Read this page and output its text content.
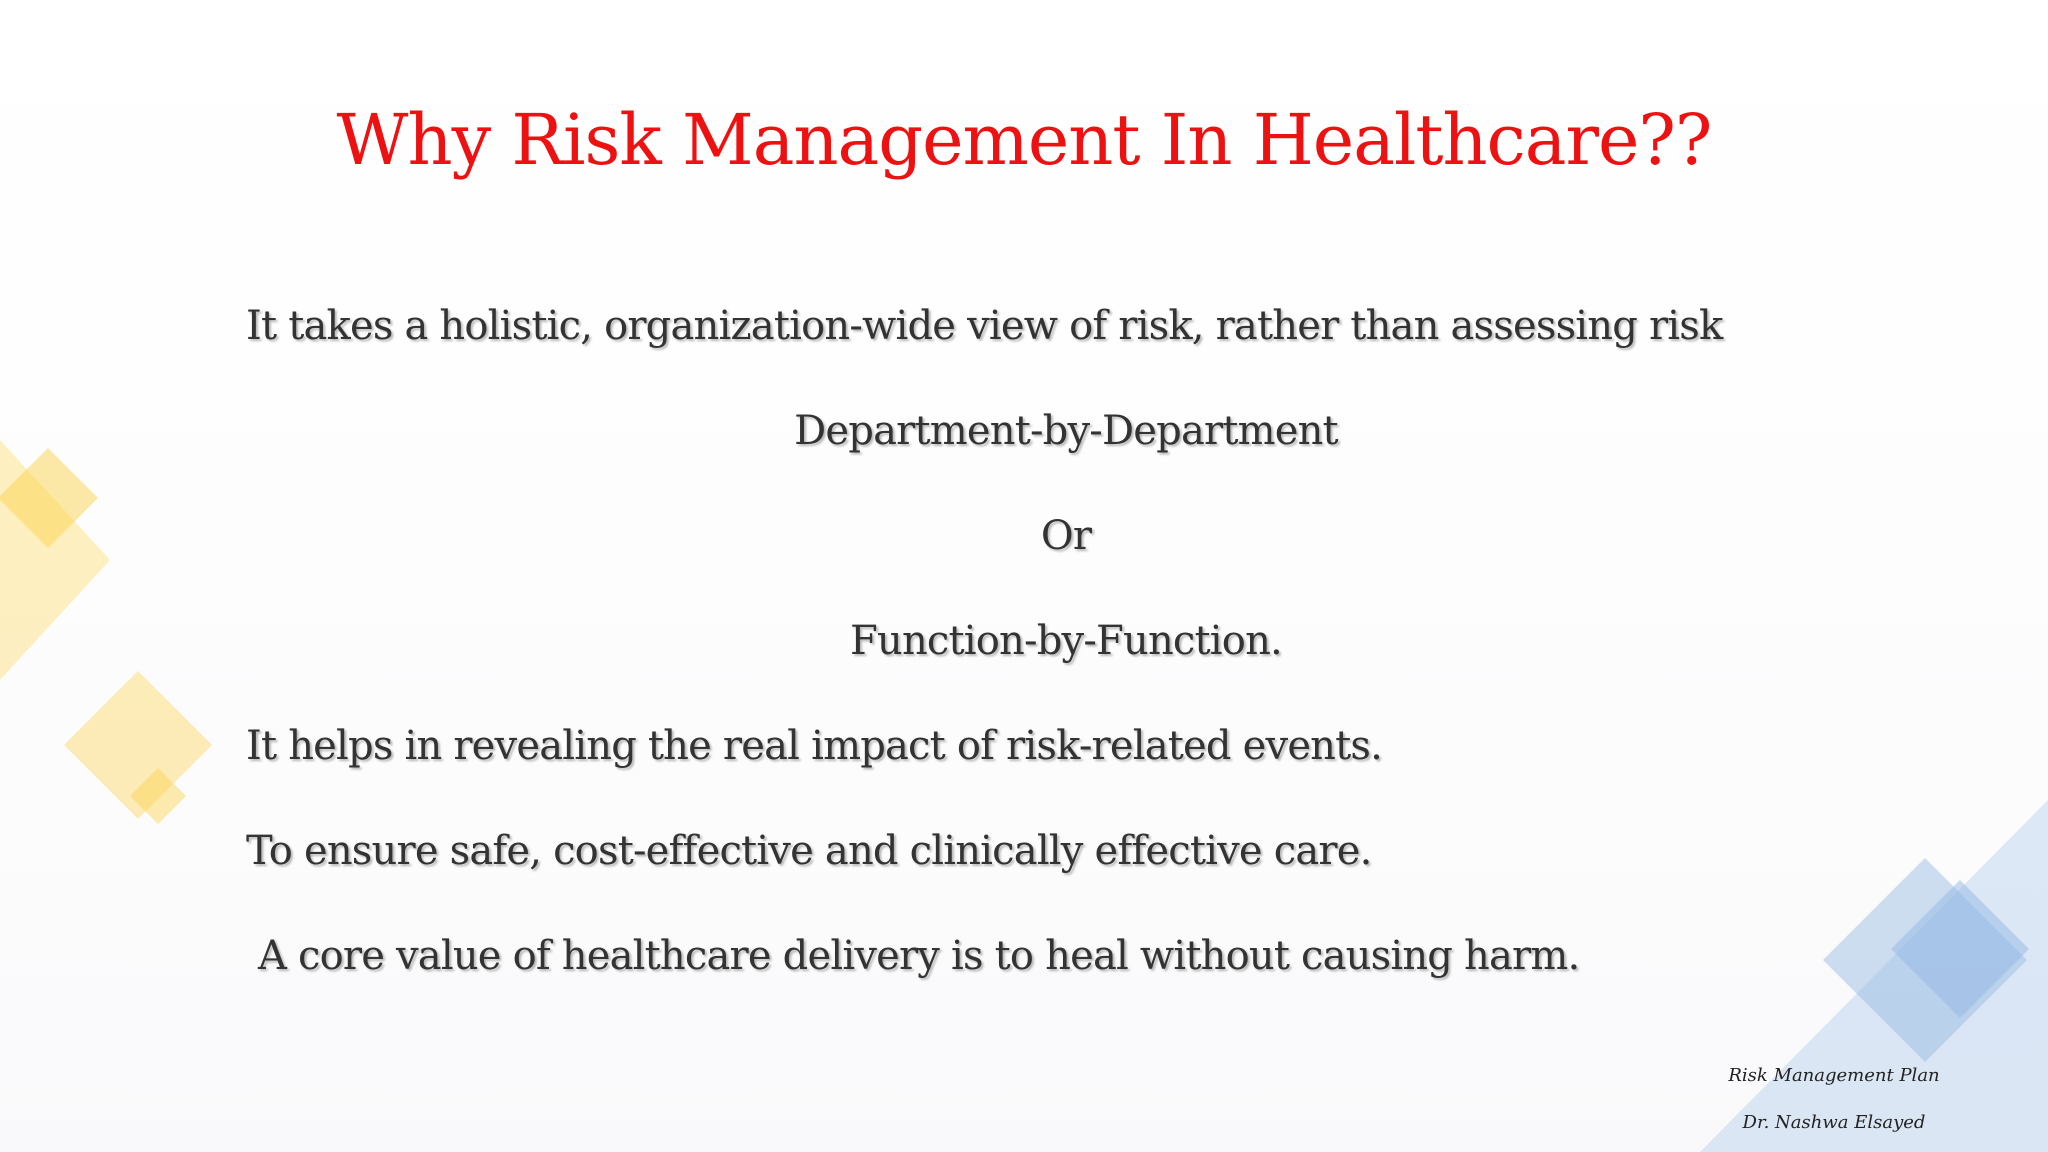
Why Risk Management In Healthcare??
It takes a holistic, organization-wide view of risk, rather than assessing risk
Department-by-Department
Or
Function-by-Function.
It helps in revealing the real impact of risk-related events.
To ensure safe, cost-effective and clinically effective care.
A core value of healthcare delivery is to heal without causing harm.
Risk Management Plan
Dr. Nashwa Elsayed
